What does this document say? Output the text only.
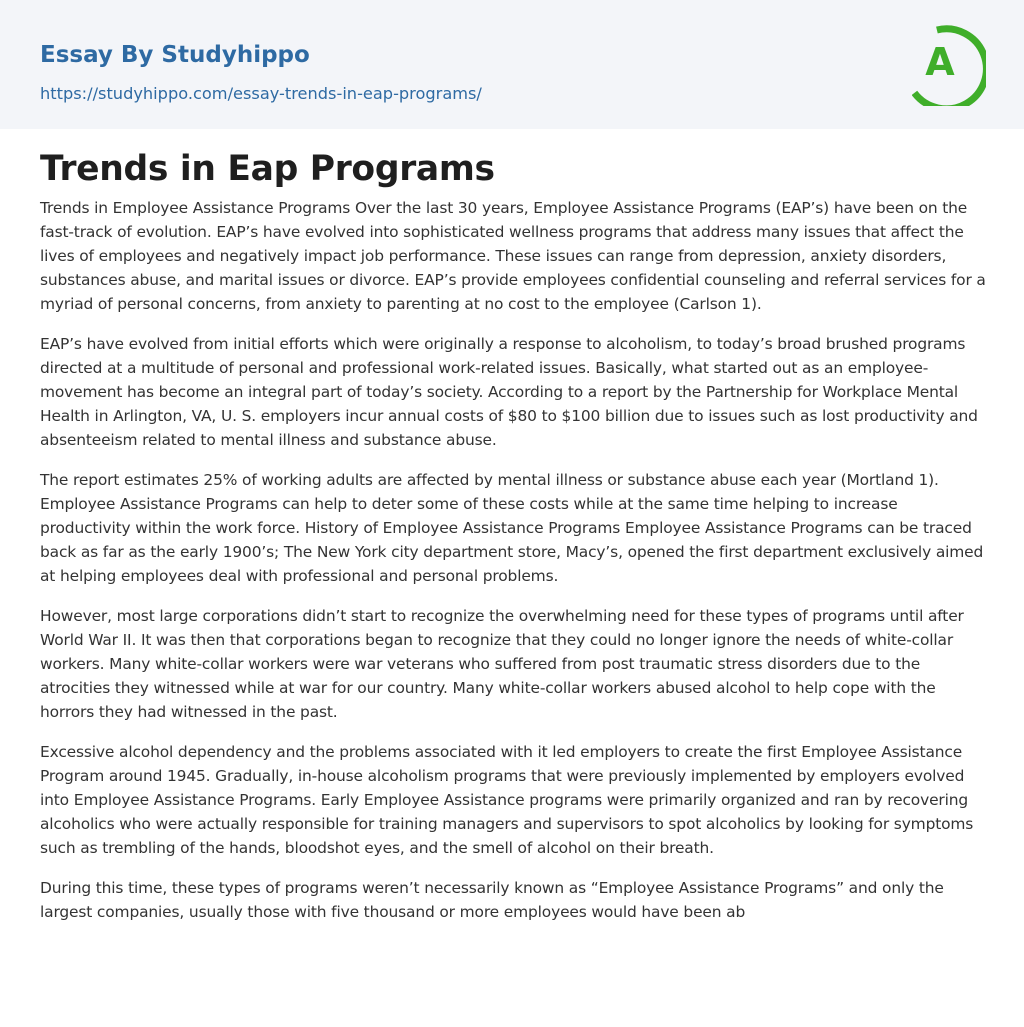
Essay By Studyhippo
https://studyhippo.com/essay-trends-in-eap-programs/
A
Trends in Eap Programs

Trends in Employee Assistance Programs Over the last 30 years, Employee Assistance Programs (EAP’s) have been on the fast-track of evolution. EAP’s have evolved into sophisticated wellness programs that address many issues that affect the lives of employees and negatively impact job performance. These issues can range from depression, anxiety disorders, substances abuse, and marital issues or divorce. EAP’s provide employees confidential counseling and referral services for a myriad of personal concerns, from anxiety to parenting at no cost to the employee (Carlson 1).

EAP’s have evolved from initial efforts which were originally a response to alcoholism, to today’s broad brushed programs directed at a multitude of personal and professional work-related issues. Basically, what started out as an employee-movement has become an integral part of today’s society. According to a report by the Partnership for Workplace Mental Health in Arlington, VA, U. S. employers incur annual costs of $80 to $100 billion due to issues such as lost productivity and absenteeism related to mental illness and substance abuse.

The report estimates 25% of working adults are affected by mental illness or substance abuse each year (Mortland 1). Employee Assistance Programs can help to deter some of these costs while at the same time helping to increase productivity within the work force. History of Employee Assistance Programs Employee Assistance Programs can be traced back as far as the early 1900’s; The New York city department store, Macy’s, opened the first department exclusively aimed at helping employees deal with professional and personal problems.

However, most large corporations didn’t start to recognize the overwhelming need for these types of programs until after World War II. It was then that corporations began to recognize that they could no longer ignore the needs of white-collar workers. Many white-collar workers were war veterans who suffered from post traumatic stress disorders due to the atrocities they witnessed while at war for our country. Many white-collar workers abused alcohol to help cope with the horrors they had witnessed in the past.

Excessive alcohol dependency and the problems associated with it led employers to create the first Employee Assistance Program around 1945. Gradually, in-house alcoholism programs that were previously implemented by employers evolved into Employee Assistance Programs. Early Employee Assistance programs were primarily organized and ran by recovering alcoholics who were actually responsible for training managers and supervisors to spot alcoholics by looking for symptoms such as trembling of the hands, bloodshot eyes, and the smell of alcohol on their breath.

During this time, these types of programs weren’t necessarily known as “Employee Assistance Programs” and only the largest companies, usually those with five thousand or more employees would have been ab
